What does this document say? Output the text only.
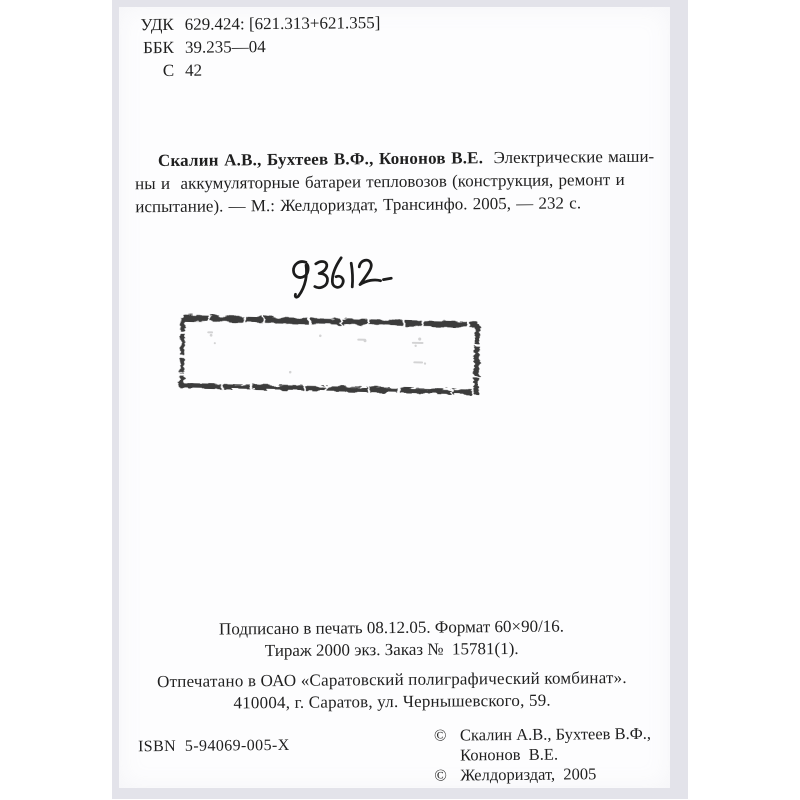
УДК 629.424: [621.313+621.355]
ББК 39.235—04
С 42

Скалин А.В., Бухтеев В.Ф., Кононов В.Е.  Электрические маши-
ны и  аккумуляторные батареи тепловозов (конструкция, ремонт и
испытание). — М.: Желдориздат, Трансинфо. 2005, — 232 с.

Подписано в печать 08.12.05. Формат 60×90/16.
Тираж 2000 экз. Заказ №  15781(1).
Отпечатано в ОАО «Саратовский полиграфический комбинат».
410004, г. Саратов, ул. Чернышевского, 59.
ISBN  5-94069-005-X
© Скалин А.В., Бухтеев В.Ф.,
Кононов  В.Е.
© Желдориздат,  2005
